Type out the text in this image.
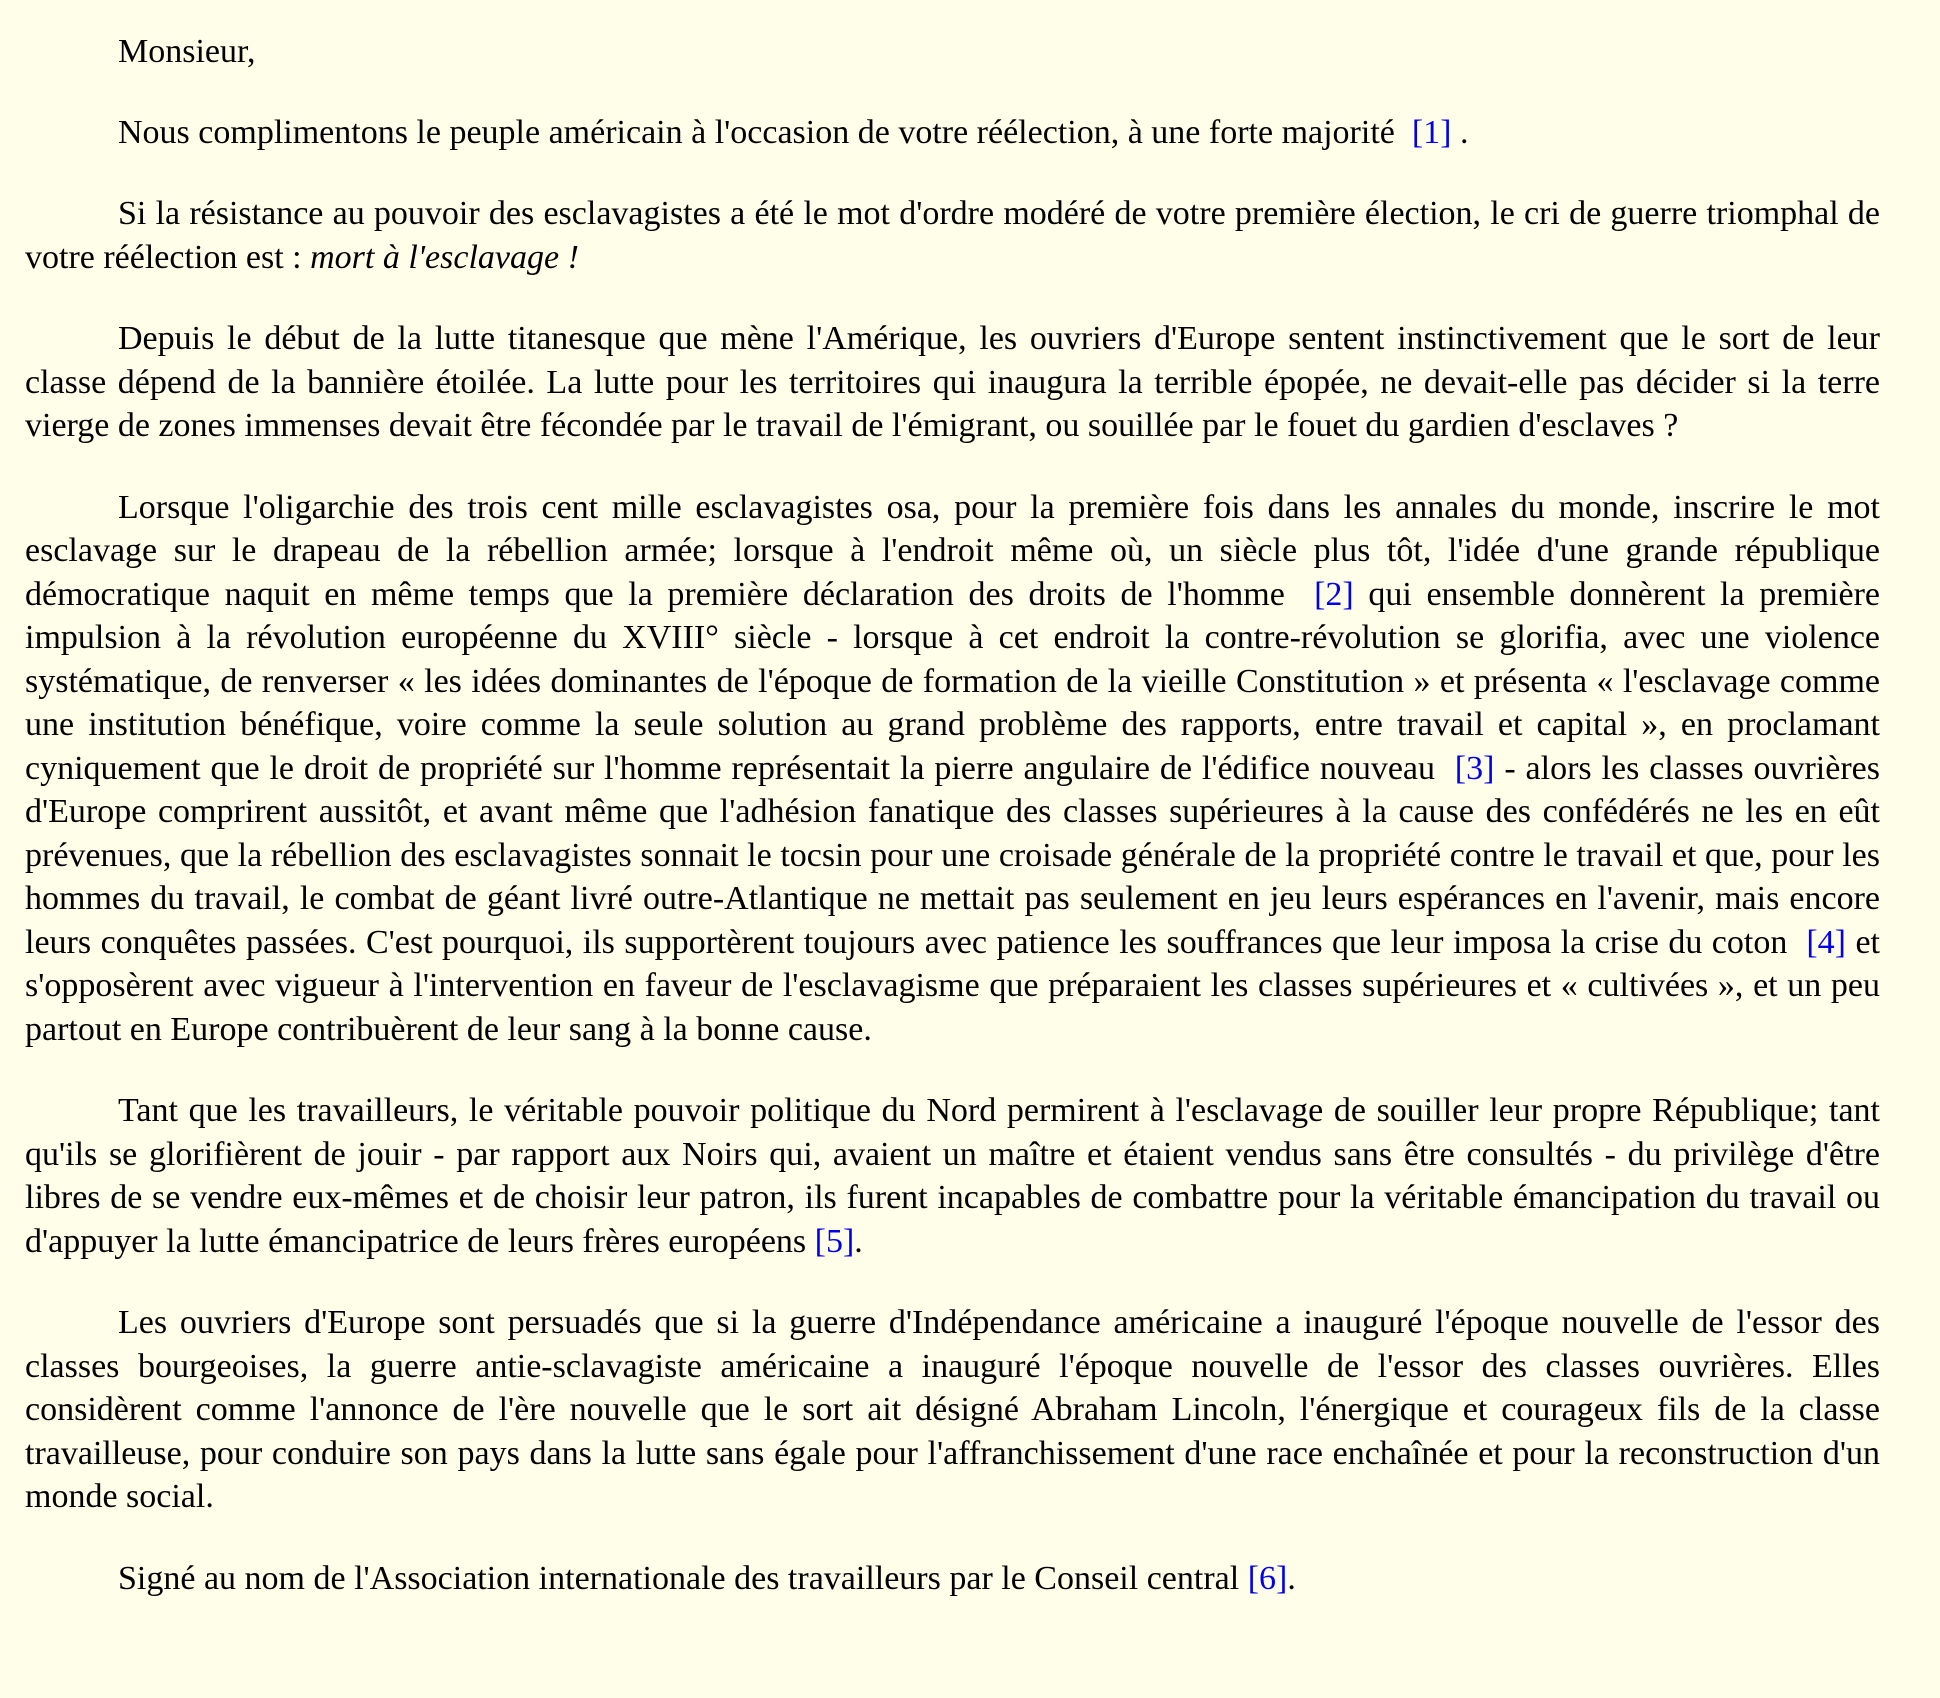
Monsieur,

Nous complimentons le peuple américain à l'occasion de votre réélection, à une forte majorité [1] .

Si la résistance au pouvoir des esclavagistes a été le mot d'ordre modéré de votre première élection, le cri de guerre triomphal de votre réélection est : mort à l'esclavage !

Depuis le début de la lutte titanesque que mène l'Amérique, les ouvriers d'Europe sentent instinctivement que le sort de leur classe dépend de la bannière étoilée. La lutte pour les territoires qui inaugura la terrible épopée, ne devait-elle pas décider si la terre vierge de zones immenses devait être fécondée par le travail de l'émigrant, ou souillée par le fouet du gardien d'esclaves ?

Lorsque l'oligarchie des trois cent mille esclavagistes osa, pour la première fois dans les annales du monde, inscrire le mot esclavage sur le drapeau de la rébellion armée; lorsque à l'endroit même où, un siècle plus tôt, l'idée d'une grande république démocratique naquit en même temps que la première déclaration des droits de l'homme [2] qui ensemble donnèrent la première impulsion à la révolution européenne du XVIII° siècle - lorsque à cet endroit la contre-révolution se glorifia, avec une violence systématique, de renverser « les idées dominantes de l'époque de formation de la vieille Constitution » et présenta « l'esclavage comme une institution bénéfique, voire comme la seule solution au grand problème des rapports, entre travail et capital », en proclamant cyniquement que le droit de propriété sur l'homme représentait la pierre angulaire de l'édifice nouveau [3] - alors les classes ouvrières d'Europe comprirent aussitôt, et avant même que l'adhésion fanatique des classes supérieures à la cause des confédérés ne les en eût prévenues, que la rébellion des esclavagistes sonnait le tocsin pour une croisade générale de la propriété contre le travail et que, pour les hommes du travail, le combat de géant livré outre-Atlantique ne mettait pas seulement en jeu leurs espérances en l'avenir, mais encore leurs conquêtes passées. C'est pourquoi, ils supportèrent toujours avec patience les souffrances que leur imposa la crise du coton [4] et s'opposèrent avec vigueur à l'intervention en faveur de l'esclavagisme que préparaient les classes supérieures et « cultivées », et un peu partout en Europe contribuèrent de leur sang à la bonne cause.

Tant que les travailleurs, le véritable pouvoir politique du Nord permirent à l'esclavage de souiller leur propre République; tant qu'ils se glorifièrent de jouir - par rapport aux Noirs qui, avaient un maître et étaient vendus sans être consultés - du privilège d'être libres de se vendre eux-mêmes et de choisir leur patron, ils furent incapables de combattre pour la véritable émancipation du travail ou d'appuyer la lutte émancipatrice de leurs frères européens [5].

Les ouvriers d'Europe sont persuadés que si la guerre d'Indépendance américaine a inauguré l'époque nouvelle de l'essor des classes bourgeoises, la guerre antie-sclavagiste américaine a inauguré l'époque nouvelle de l'essor des classes ouvrières. Elles considèrent comme l'annonce de l'ère nouvelle que le sort ait désigné Abraham Lincoln, l'énergique et courageux fils de la classe travailleuse, pour conduire son pays dans la lutte sans égale pour l'affranchissement d'une race enchaînée et pour la reconstruction d'un monde social.

Signé au nom de l'Association internationale des travailleurs par le Conseil central [6].
